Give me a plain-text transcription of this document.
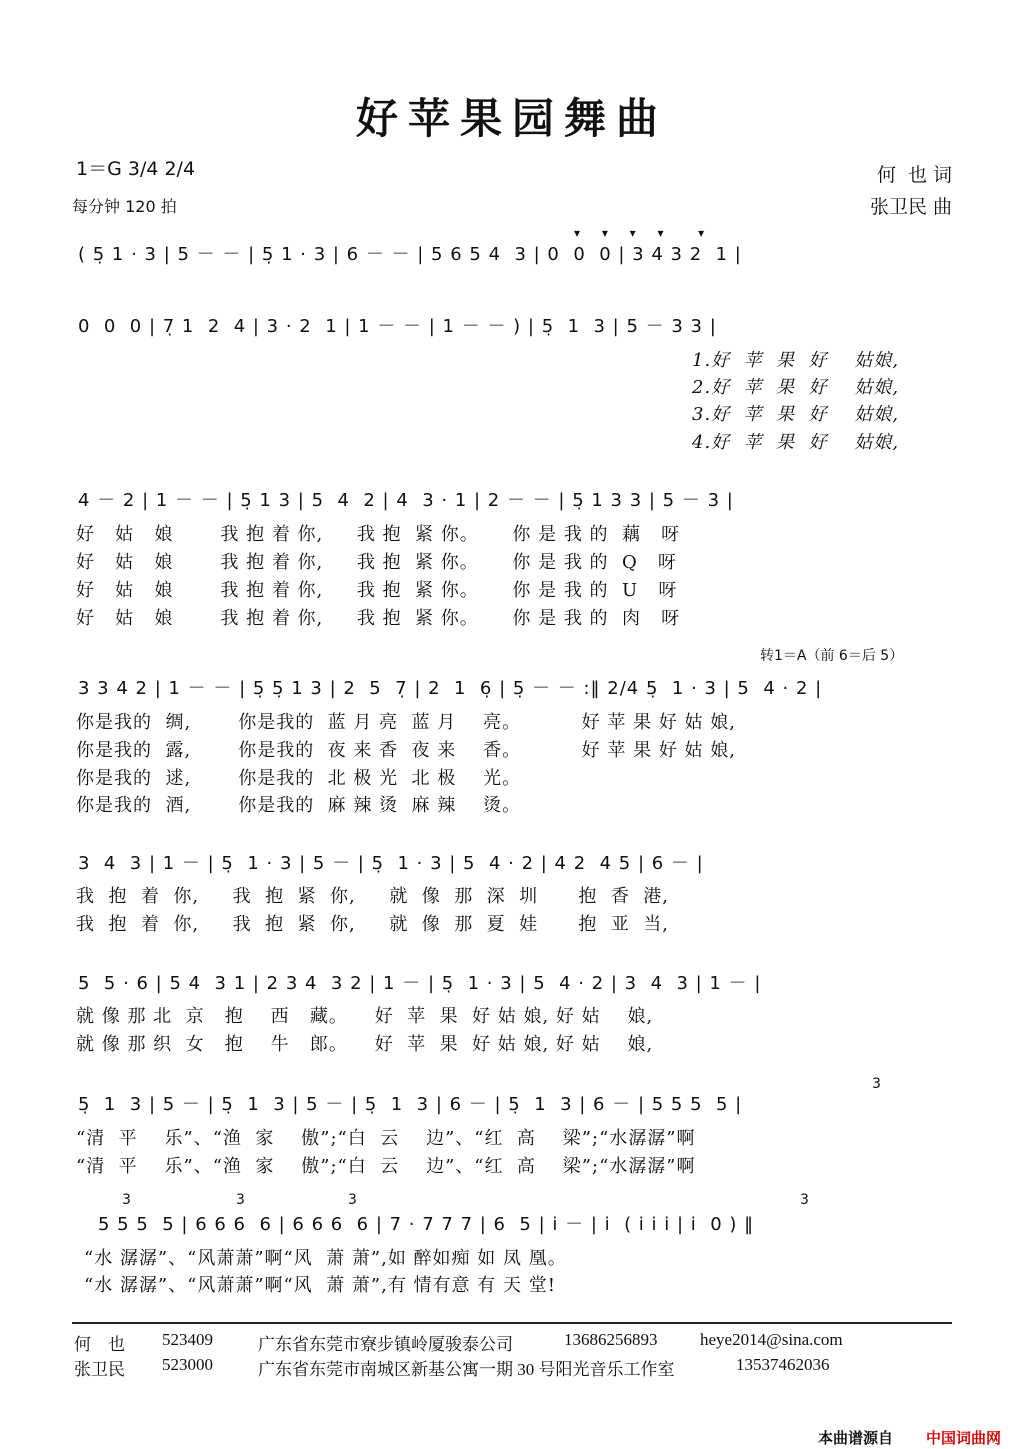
好苹果园舞曲
1＝G 3/4 2/4
每分钟 120 拍
何  也 词
张卫民 曲
▾ ▾ ▾ ▾  ▾
( 5̣ 1 · 3 | 5 － － | 5̣ 1 · 3 | 6 － － | 5 6 5 4  3 | 0  0  0 | 3 4 3 2  1 |
0  0  0 | 7̣ 1  2  4 | 3 · 2  1 | 1 － － | 1 － － ) | 5̣  1  3 | 5 － 3 3 |
1.好  苹  果  好    姑娘,
2.好  苹  果  好    姑娘,
3.好  苹  果  好    姑娘,
4.好  苹  果  好    姑娘,
4 － 2 | 1 － － | 5̣ 1 3 | 5  4  2 | 4  3 · 1 | 2 － － | 5̣ 1 3 3 | 5 － 3 |
好   姑   娘       我 抱 着 你,     我 抱  紧 你。     你 是 我 的  藕   呀
好   姑   娘       我 抱 着 你,     我 抱  紧 你。     你 是 我 的  Q   呀
好   姑   娘       我 抱 着 你,     我 抱  紧 你。     你 是 我 的  U   呀
好   姑   娘       我 抱 着 你,     我 抱  紧 你。     你 是 我 的  肉   呀
转1＝A（前 6＝后 5）
3 3 4 2 | 1 － － | 5̣ 5̣ 1 3 | 2  5  7̣ | 2  1  6̣ | 5̣ － － :‖ 2/4 5̣  1 · 3 | 5  4 · 2 |
你是我的  绸,       你是我的  蓝 月 亮  蓝 月    亮。         好 苹 果 好 姑 娘,
你是我的  露,       你是我的  夜 来 香  夜 来    香。         好 苹 果 好 姑 娘,
你是我的  逑,       你是我的  北 极 光  北 极    光。
你是我的  酒,       你是我的  麻 辣 烫  麻 辣    烫。
3  4  3 | 1 － | 5̣  1 · 3 | 5 － | 5̣  1 · 3 | 5  4 · 2 | 4 2  4 5 | 6 － |
我  抱  着  你,     我  抱  紧  你,     就  像  那  深  圳      抱  香  港,
我  抱  着  你,     我  抱  紧  你,     就  像  那  夏  娃      抱  亚  当,
5  5 · 6 | 5 4  3 1 | 2 3 4  3 2 | 1 － | 5̣  1 · 3 | 5  4 · 2 | 3  4  3 | 1 － |
就 像 那 北  京   抱    西   藏。    好  苹  果  好 姑 娘, 好 姑    娘,
就 像 那 织  女   抱    牛   郎。    好  苹  果  好 姑 娘, 好 姑    娘,
3
5̣  1  3 | 5 － | 5̣  1  3 | 5 － | 5̣  1  3 | 6 － | 5̣  1  3 | 6 － | 5 5 5  5 |
“清  平    乐”、“渔  家    傲”;“白  云    边”、“红  高    梁”;“水潺潺”啊
“清  平    乐”、“渔  家    傲”;“白  云    边”、“红  高    梁”;“水潺潺”啊
3	3	3	3
5 5 5  5 | 6 6 6  6 | 6 6 6  6 | 7 · 7 7 7 | 6  5 | i － | i  ( i i i | i  0 ) ‖
“水 潺潺”、“风萧萧”啊“风  萧 萧”,如 醉如痴 如 凤 凰。
“水 潺潺”、“风萧萧”啊“风  萧 萧”,有 情有意 有 天 堂!
何    也 523409	广东省东莞市寮步镇岭厦骏泰公司	13686256893	heye2014@sina.com
张卫民 523000	广东省东莞市南城区新基公寓一期 30 号阳光音乐工作室	13537462036
本曲谱源自 中国词曲网
